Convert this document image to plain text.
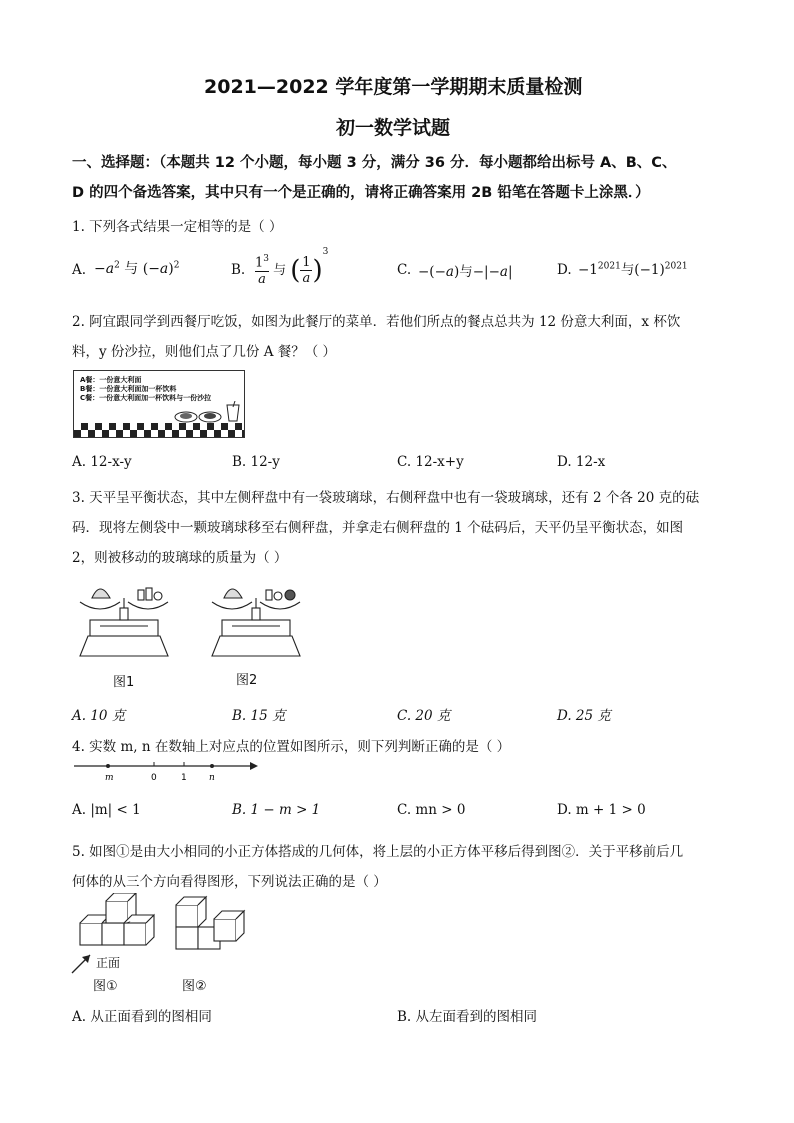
2021—2022 学年度第一学期期末质量检测
初一数学试题
一、选择题：（本题共 12 个小题，每小题 3 分，满分 36 分．每小题都给出标号 A、B、C、
D 的四个备选答案，其中只有一个是正确的，请将正确答案用 2B 铅笔在答题卡上涂黑．）
1. 下列各式结果一定相等的是（ ）
A. $-a^2$ 与 $(-a)^2$	B. $1^3$
a 与 ( 1
a)$^3$
C. −(−a)与−|−a|	D. $-1^{2021}$与$(-1)^{2021}$
2. 阿宜跟同学到西餐厅吃饭，如图为此餐厅的菜单．若他们所点的餐点总共为 12 份意大利面，x 杯饮
料，y 份沙拉，则他们点了几份 A 餐？（ ）
A餐：一份意大利面
B餐：一份意大利面加一杯饮料
C餐：一份意大利面加一杯饮料与一份沙拉
A. 12-x-y	B. 12-y	C. 12-x+y	D. 12-x
3. 天平呈平衡状态，其中左侧秤盘中有一袋玻璃球，右侧秤盘中也有一袋玻璃球，还有 2 个各 20 克的砝
码．现将左侧袋中一颗玻璃球移至右侧秤盘，并拿走右侧秤盘的 1 个砝码后，天平仍呈平衡状态，如图
2，则被移动的玻璃球的质量为（ ）
图1	图2
A. 10 克	B. 15 克	C. 20 克	D. 25 克
4. 实数 m, n 在数轴上对应点的位置如图所示，则下列判断正确的是（ ）
m	0	1 n
A. |m| < 1	B. 1 − m > 1	C. mn > 0	D. m + 1 > 0
5. 如图①是由大小相同的小正方体搭成的几何体，将上层的小正方体平移后得到图②．关于平移前后几
何体的从三个方向看得图形，下列说法正确的是（ ）
正面
图①	图②
A. 从正面看到的图相同	B. 从左面看到的图相同
